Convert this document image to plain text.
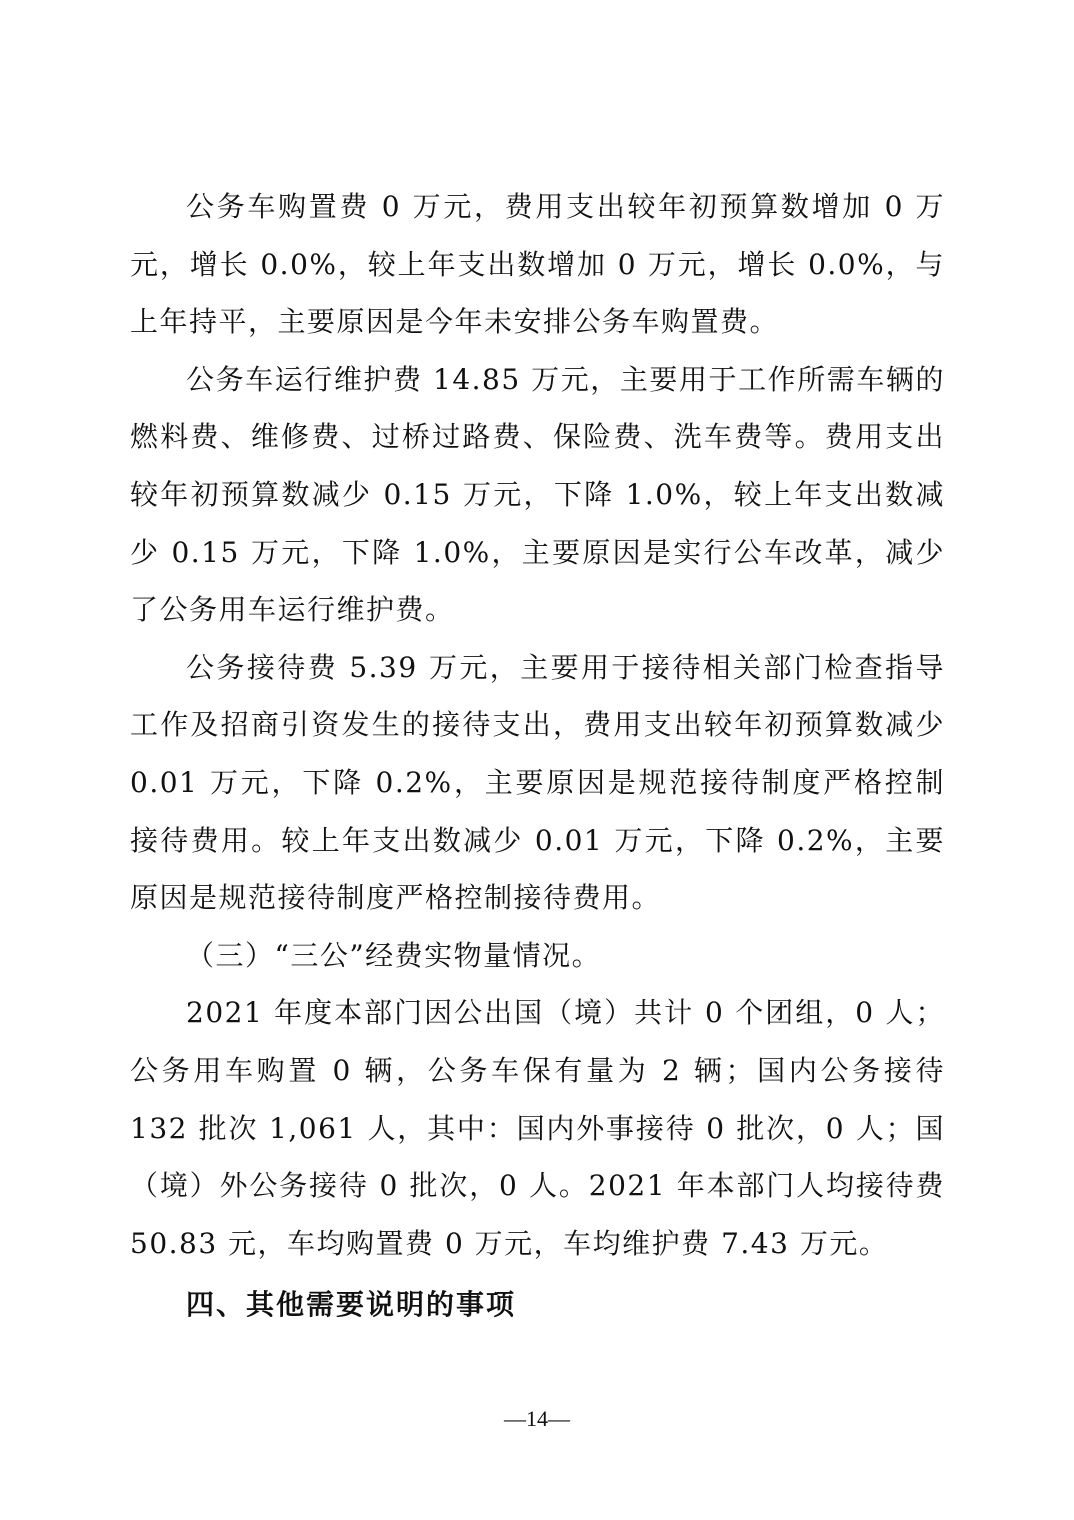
公务车购置费 0 万元，费用支出较年初预算数增加 0 万元，增长 0.0%，较上年支出数增加 0 万元，增长 0.0%，与上年持平，主要原因是今年未安排公务车购置费。

公务车运行维护费 14.85 万元，主要用于工作所需车辆的燃料费、维修费、过桥过路费、保险费、洗车费等。费用支出较年初预算数减少 0.15 万元，下降 1.0%，较上年支出数减少 0.15 万元，下降 1.0%，主要原因是实行公车改革，减少了公务用车运行维护费。

公务接待费 5.39 万元，主要用于接待相关部门检查指导工作及招商引资发生的接待支出，费用支出较年初预算数减少 0.01 万元，下降 0.2%，主要原因是规范接待制度严格控制接待费用。较上年支出数减少 0.01 万元，下降 0.2%，主要原因是规范接待制度严格控制接待费用。

（三）“三公”经费实物量情况。

2021 年度本部门因公出国（境）共计 0 个团组，0 人；公务用车购置 0 辆，公务车保有量为 2 辆；国内公务接待 132 批次 1,061 人，其中：国内外事接待 0 批次，0 人；国（境）外公务接待 0 批次，0 人。2021 年本部门人均接待费 50.83 元，车均购置费 0 万元，车均维护费 7.43 万元。

四、其他需要说明的事项

—14—
